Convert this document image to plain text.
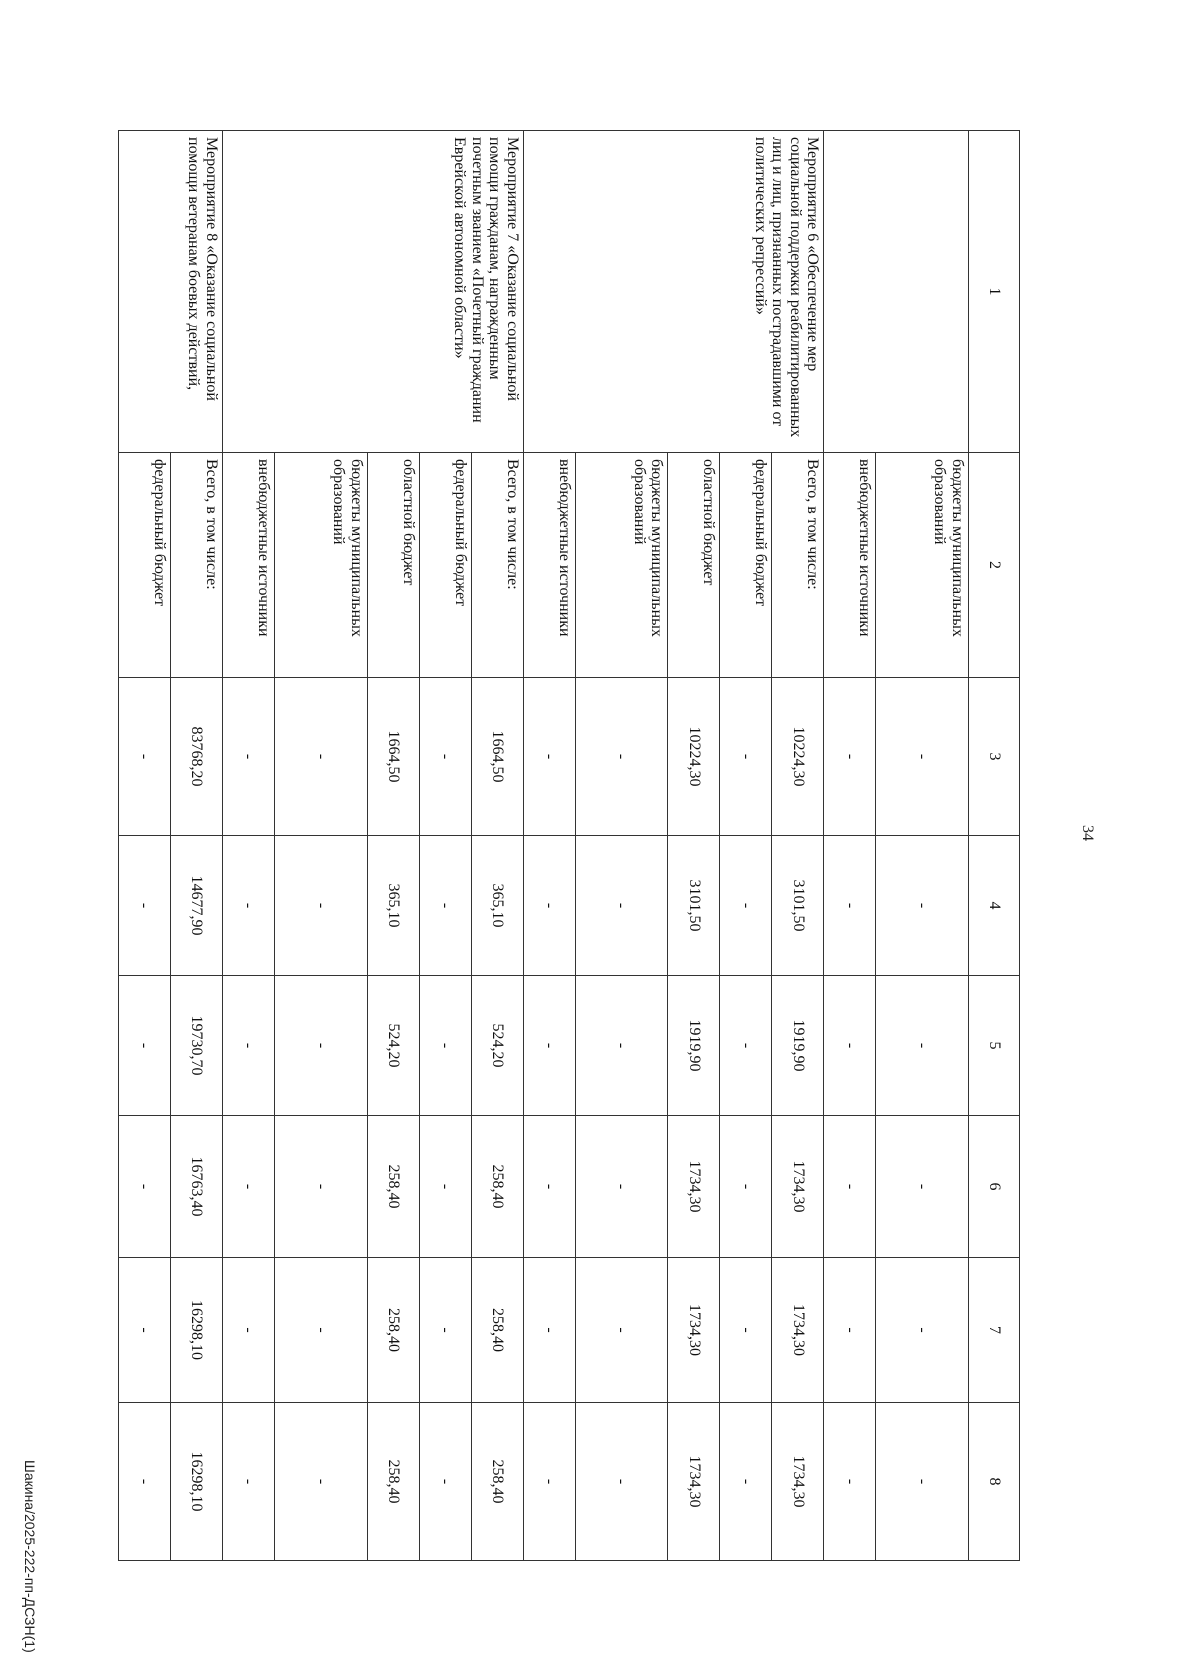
34
Шакина/2025-222-пп-ДСЗН(1)
1	2	3	4	5	6	7	8
	бюджеты муниципальных образований	-	-	-	-	-	-
	внебюджетные источники	-	-	-	-	-	-
Мероприятие 6 «Обеспечение мер социальной поддержки реабилитированных лиц и лиц, признанных пострадавшими от политических репрессий»	Всего, в том числе:	10224,30	3101,50	1919,90	1734,30	1734,30	1734,30
	федеральный бюджет	-	-	-	-	-	-
	областной бюджет	10224,30	3101,50	1919,90	1734,30	1734,30	1734,30
	бюджеты муниципальных образований	-	-	-	-	-	-
	внебюджетные источники	-	-	-	-	-	-
Мероприятие 7 «Оказание социальной помощи гражданам, награжденным почетным званием «Почетный гражданин Еврейской автономной области»	Всего, в том числе:	1664,50	365,10	524,20	258,40	258,40	258,40
	федеральный бюджет	-	-	-	-	-	-
	областной бюджет	1664,50	365,10	524,20	258,40	258,40	258,40
	бюджеты муниципальных образований	-	-	-	-	-	-
	внебюджетные источники	-	-	-	-	-	-
Мероприятие 8 «Оказание социальной помощи ветеранам боевых действий,	Всего, в том числе:	83768,20	14677,90	19730,70	16763,40	16298,10	16298,10
	федеральный бюджет	-	-	-	-	-	-
